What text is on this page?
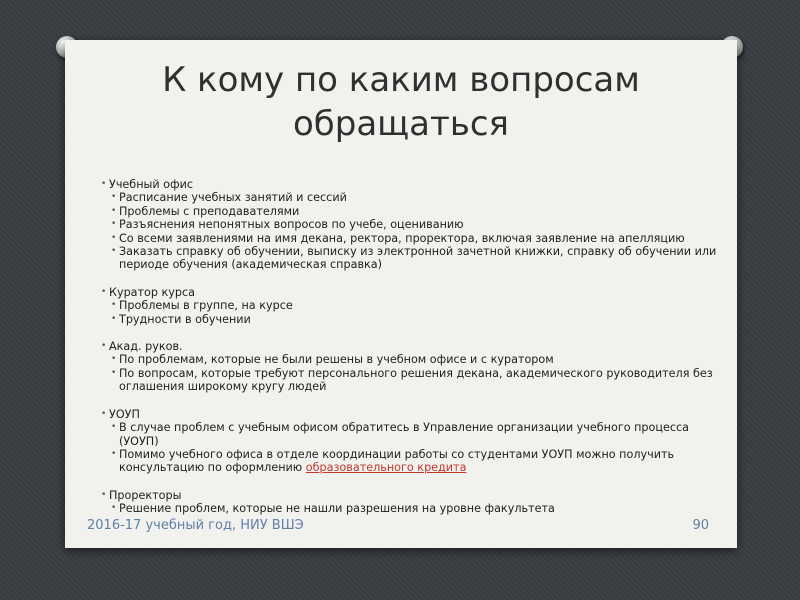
К кому по каким вопросам
обращаться
• Учебный офис
• Расписание учебных занятий и сессий
• Проблемы с преподавателями
• Разъяснения непонятных вопросов по учебе, оцениванию
• Со всеми заявлениями на имя декана, ректора, проректора, включая заявление на апелляцию
• Заказать справку об обучении, выписку из электронной зачетной книжки, справку об обучении или периоде обучения (академическая справка)
• Куратор курса
• Проблемы в группе, на курсе
• Трудности в обучении
• Акад. руков.
• По проблемам, которые не были решены в учебном офисе и с куратором
• По вопросам, которые требуют персонального решения декана, академического руководителя без оглашения широкому кругу людей
• УОУП
• В случае проблем с учебным офисом обратитесь в Управление организации учебного процесса (УОУП)
• Помимо учебного офиса в отделе координации работы со студентами УОУП можно получить консультацию по оформлению образовательного кредита
• Проректоры
• Решение проблем, которые не нашли разрешения на уровне факультета
2016-17 учебный год, НИУ ВШЭ	90
